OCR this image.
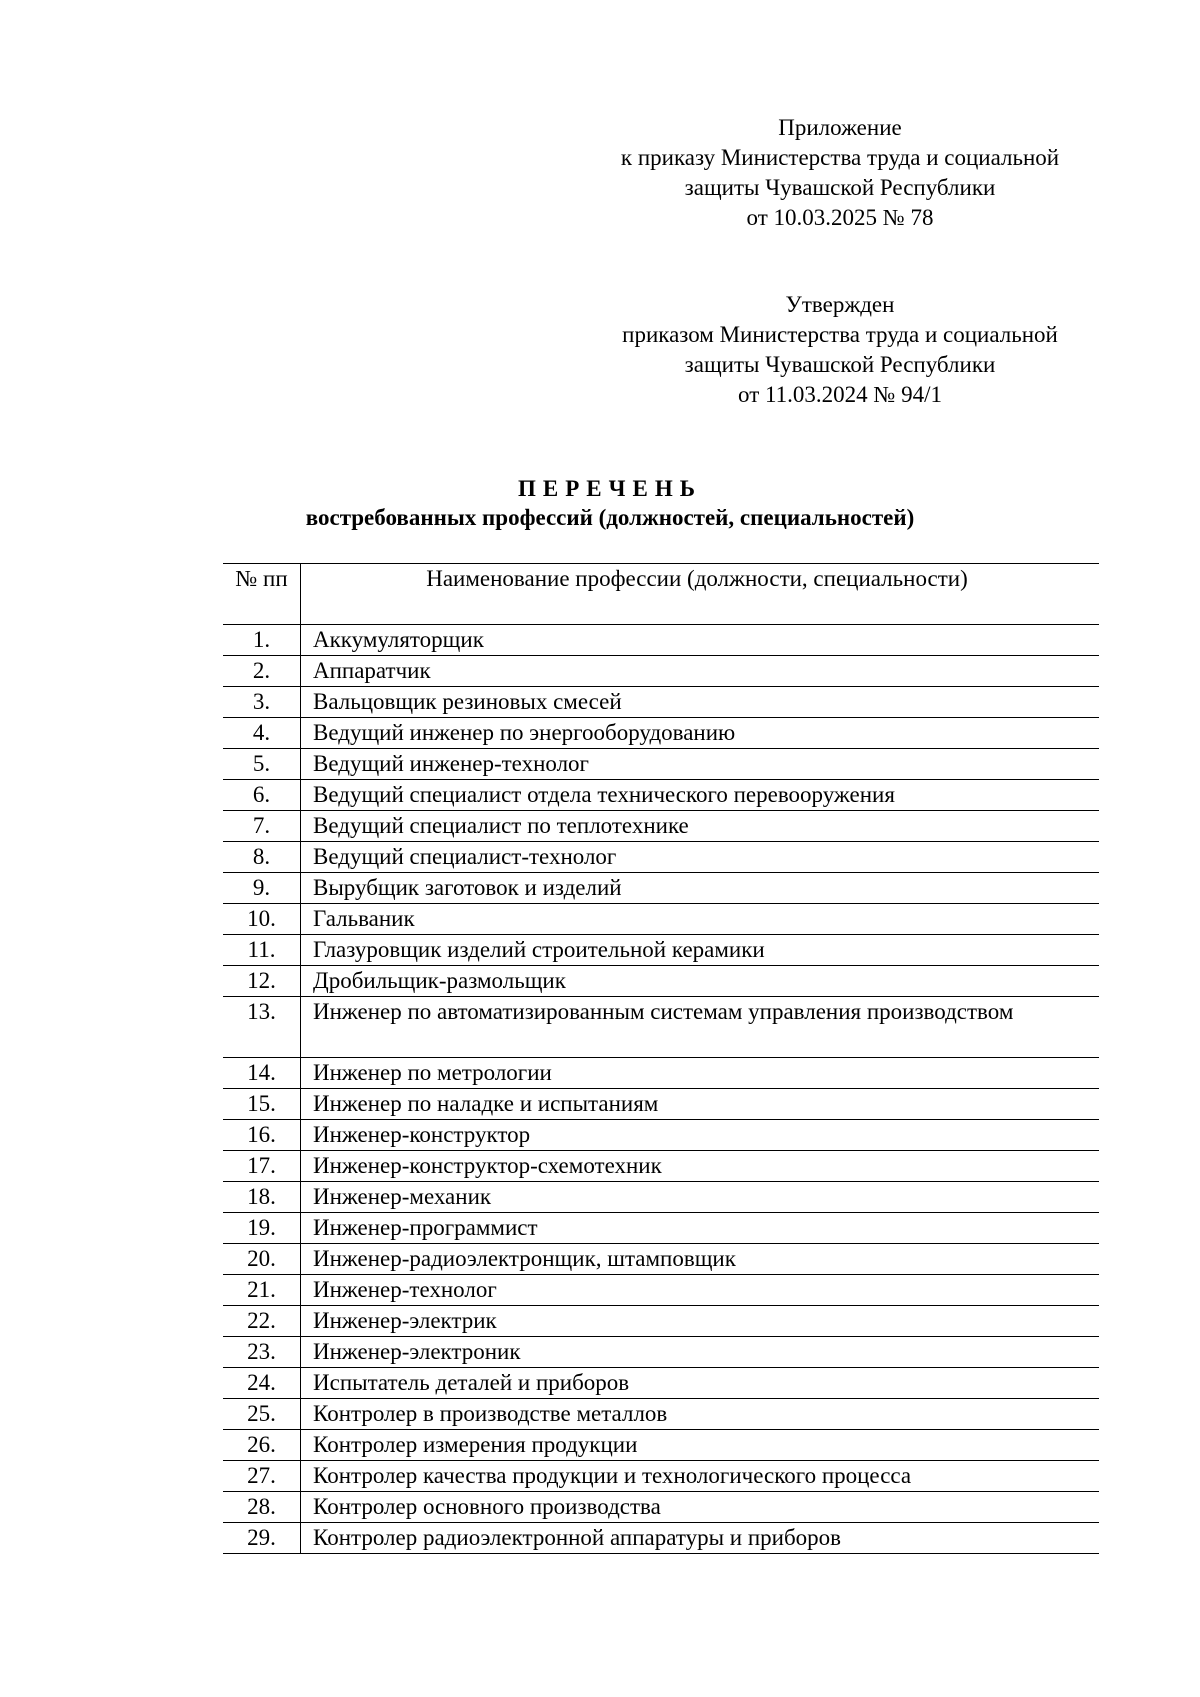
Приложение
к приказу Министерства труда и социальной
защиты Чувашской Республики
от 10.03.2025 № 78
Утвержден
приказом Министерства труда и социальной
защиты Чувашской Республики
от 11.03.2024 № 94/1
ПЕРЕЧЕНЬ
востребованных профессий (должностей, специальностей)
№ пп	Наименование профессии (должности, специальности)
1.	Аккумуляторщик
2.	Аппаратчик
3.	Вальцовщик резиновых смесей
4.	Ведущий инженер по энергооборудованию
5.	Ведущий инженер-технолог
6.	Ведущий специалист отдела технического перевооружения
7.	Ведущий специалист по теплотехнике
8.	Ведущий специалист-технолог
9.	Вырубщик заготовок и изделий
10.	Гальваник
11.	Глазуровщик изделий строительной керамики
12.	Дробильщик-размольщик
13.	Инженер по автоматизированным системам управления производством
14.	Инженер по метрологии
15.	Инженер по наладке и испытаниям
16.	Инженер-конструктор
17.	Инженер-конструктор-схемотехник
18.	Инженер-механик
19.	Инженер-программист
20.	Инженер-радиоэлектронщик, штамповщик
21.	Инженер-технолог
22.	Инженер-электрик
23.	Инженер-электроник
24.	Испытатель деталей и приборов
25.	Контролер в производстве металлов
26.	Контролер измерения продукции
27.	Контролер качества продукции и технологического процесса
28.	Контролер основного производства
29.	Контролер радиоэлектронной аппаратуры и приборов
